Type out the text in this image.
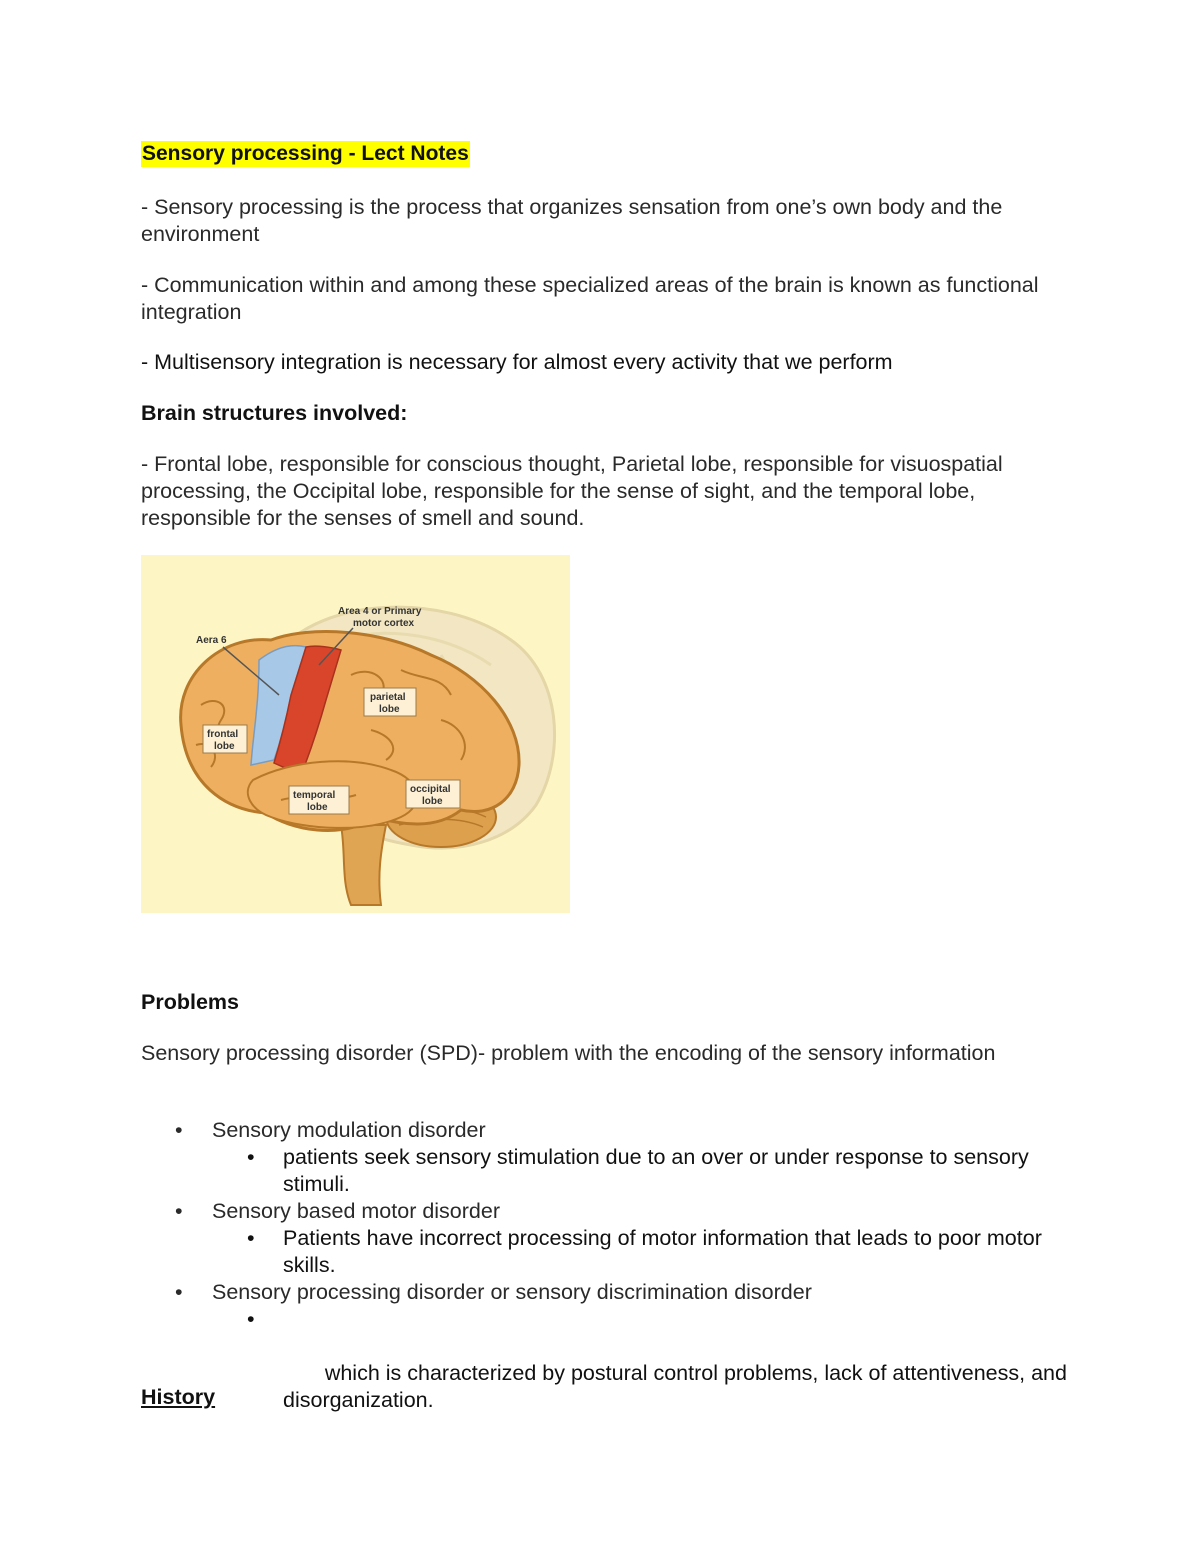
Sensory processing - Lect Notes
- Sensory processing is the process that organizes sensation from one’s own body and the environment
- Communication within and among these specialized areas of the brain is known as functional integration
- Multisensory integration is necessary for almost every activity that we perform
Brain structures involved:
- Frontal lobe, responsible for conscious thought, Parietal lobe, responsible for visuospatial processing, the Occipital lobe, responsible for the sense of sight, and the temporal lobe, responsible for the senses of smell and sound.
Aera 6
Area 4 or Primary
motor cortex
parietal
lobe
frontal
lobe
temporal
lobe
occipital
lobe
Problems
Sensory processing disorder (SPD)- problem with the encoding of the sensory information
• Sensory modulation disorder
• patients seek sensory stimulation due to an over or under response to sensory stimuli.
• Sensory based motor disorder
• Patients have incorrect processing of motor information that leads to poor motor skills.
• Sensory processing disorder or sensory discrimination disorder

•

which is characterized by postural control problems, lack of attentiveness, and disorganization.

History
